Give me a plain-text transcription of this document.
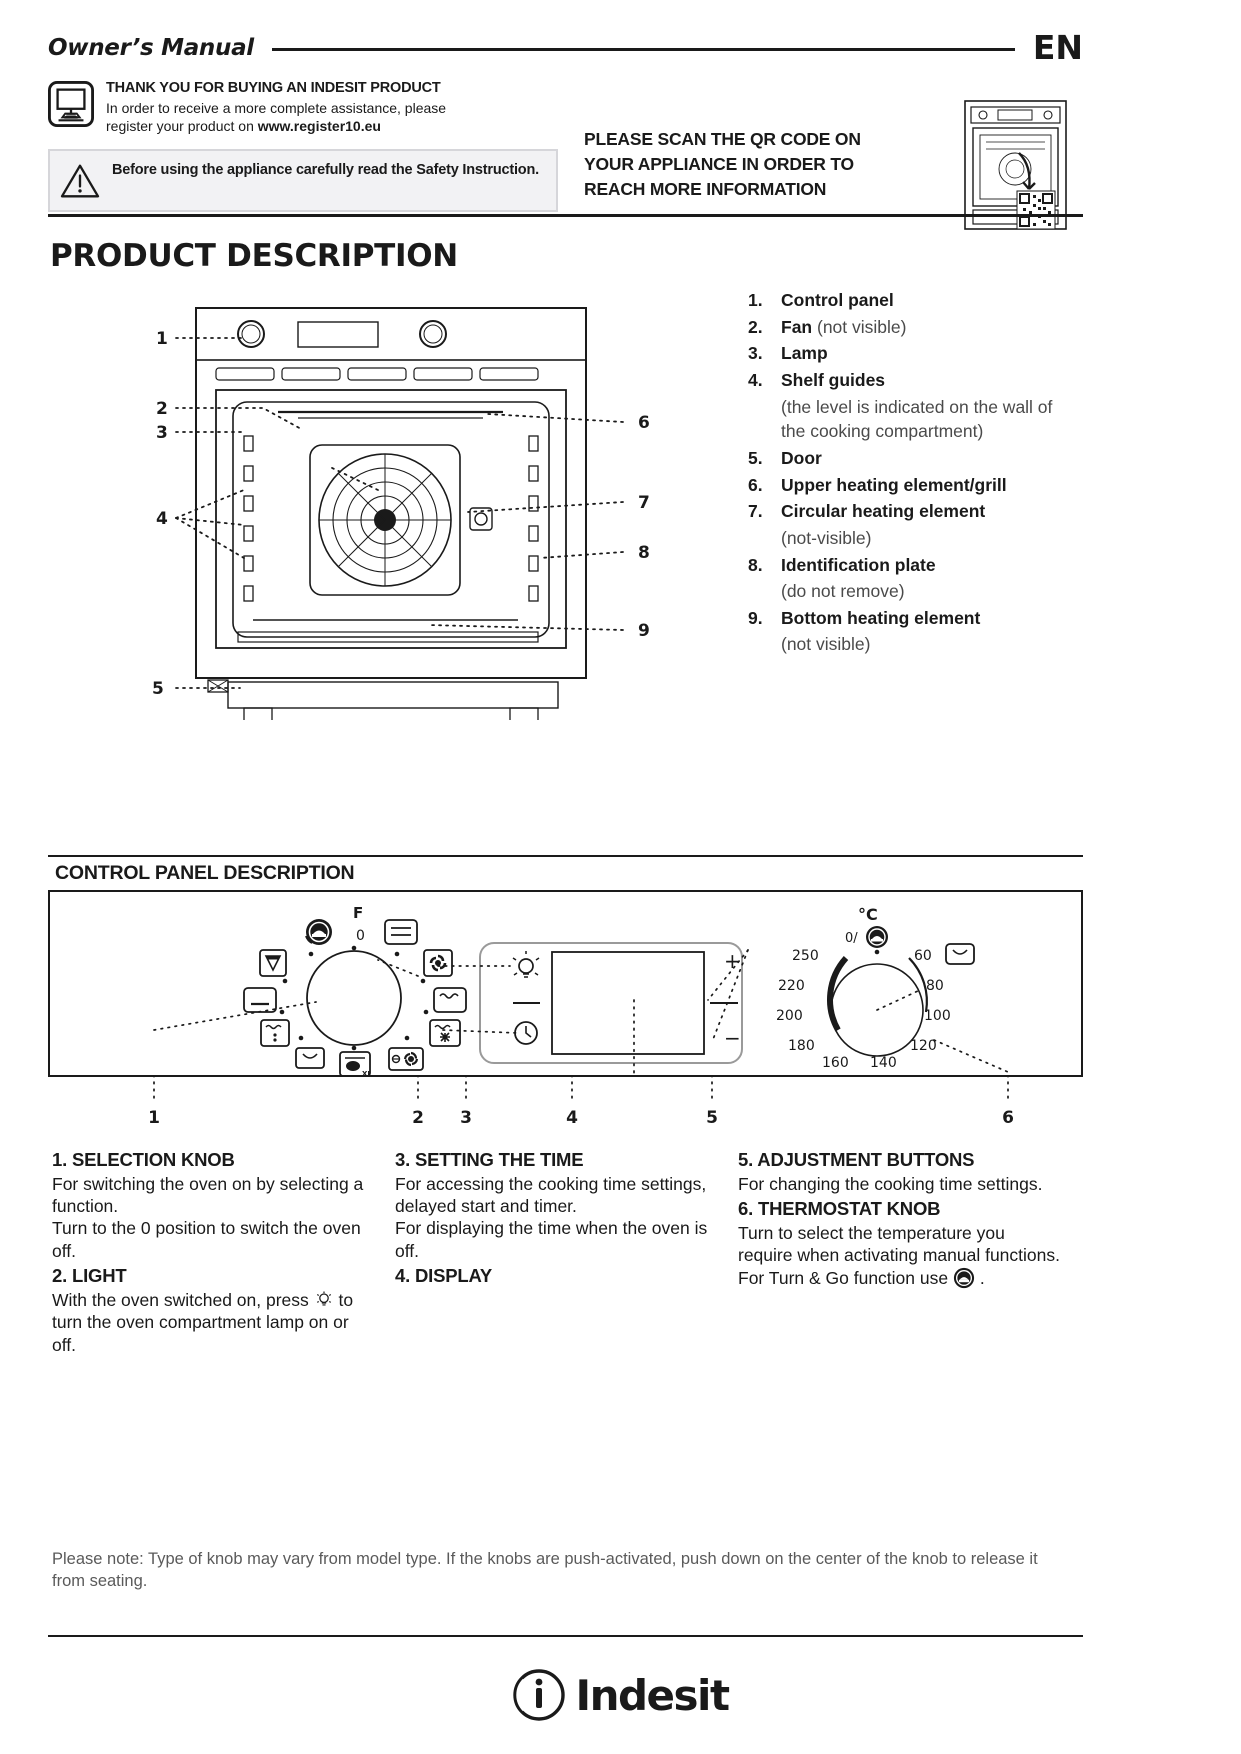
Owner’s Manual	EN
THANK YOU FOR BUYING AN INDESIT PRODUCT
In order to receive a more complete assistance, please
register your product on www.register10.eu
Before using the appliance carefully read the Safety Instruction.
PLEASE SCAN THE QR CODE ON
YOUR APPLIANCE IN ORDER TO
REACH MORE INFORMATION
PRODUCT DESCRIPTION
1
2
3
4
5
6
7
8
9
1.	Control panel
2.	Fan (not visible)
3.	Lamp
4.	Shelf guides
(the level is indicated on the wall of the cooking compartment)
5.	Door
6.	Upper heating element/grill
7.	Circular heating element
(not-visible)
8.	Identification plate
(do not remove)
9.	Bottom heating element
(not visible)
CONTROL PANEL DESCRIPTION
F
0
XL
+
−
°C
0/
250
220
200
180
160 140
120
100
80
60
1	2 3	4	5	6
1. SELECTION KNOB

For switching the oven on by selecting a function.

Turn to the 0 position to switch the oven off.

2. LIGHT

With the oven switched on, press  to turn the oven compartment lamp on or off.

3. SETTING THE TIME

For accessing the cooking time settings, delayed start and timer.

For displaying the time when the oven is off.

4. DISPLAY
5. ADJUSTMENT BUTTONS

For changing the cooking time settings.

6. THERMOSTAT KNOB

Turn to select the temperature you require when activating manual functions.

For Turn & Go function use  .

Please note: Type of knob may vary from model type. If the knobs are push-activated, push down on the center of the knob to release it from seating.
Indesit
